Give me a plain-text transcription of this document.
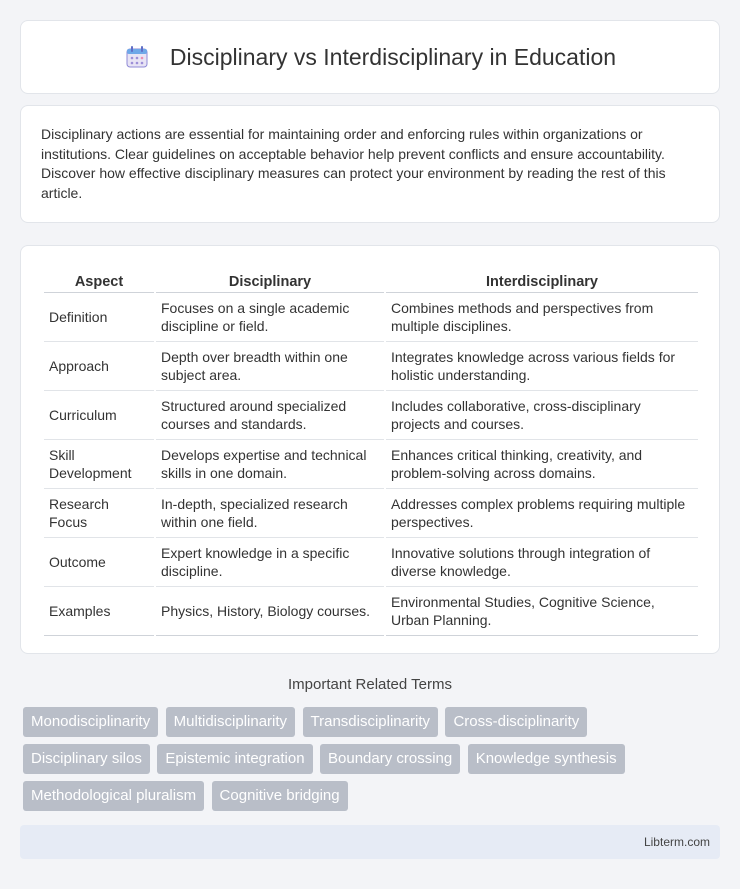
Disciplinary vs Interdisciplinary in Education

Disciplinary actions are essential for maintaining order and enforcing rules within organizations or institutions. Clear guidelines on acceptable behavior help prevent conflicts and ensure accountability. Discover how effective disciplinary measures can protect your environment by reading the rest of this article.

Aspect	Disciplinary	Interdisciplinary
Definition	Focuses on a single academic discipline or field.	Combines methods and perspectives from multiple disciplines.
Approach	Depth over breadth within one subject area.	Integrates knowledge across various fields for holistic understanding.
Curriculum	Structured around specialized courses and standards.	Includes collaborative, cross-disciplinary projects and courses.
Skill Development	Develops expertise and technical skills in one domain.	Enhances critical thinking, creativity, and problem-solving across domains.
Research Focus	In-depth, specialized research within one field.	Addresses complex problems requiring multiple perspectives.
Outcome	Expert knowledge in a specific discipline.	Innovative solutions through integration of diverse knowledge.
Examples	Physics, History, Biology courses.	Environmental Studies, Cognitive Science, Urban Planning.
Important Related Terms
Monodisciplinarity Multidisciplinarity Transdisciplinarity Cross-disciplinarity
Disciplinary silos Epistemic integration Boundary crossing Knowledge synthesis
Methodological pluralism Cognitive bridging
Libterm.com
